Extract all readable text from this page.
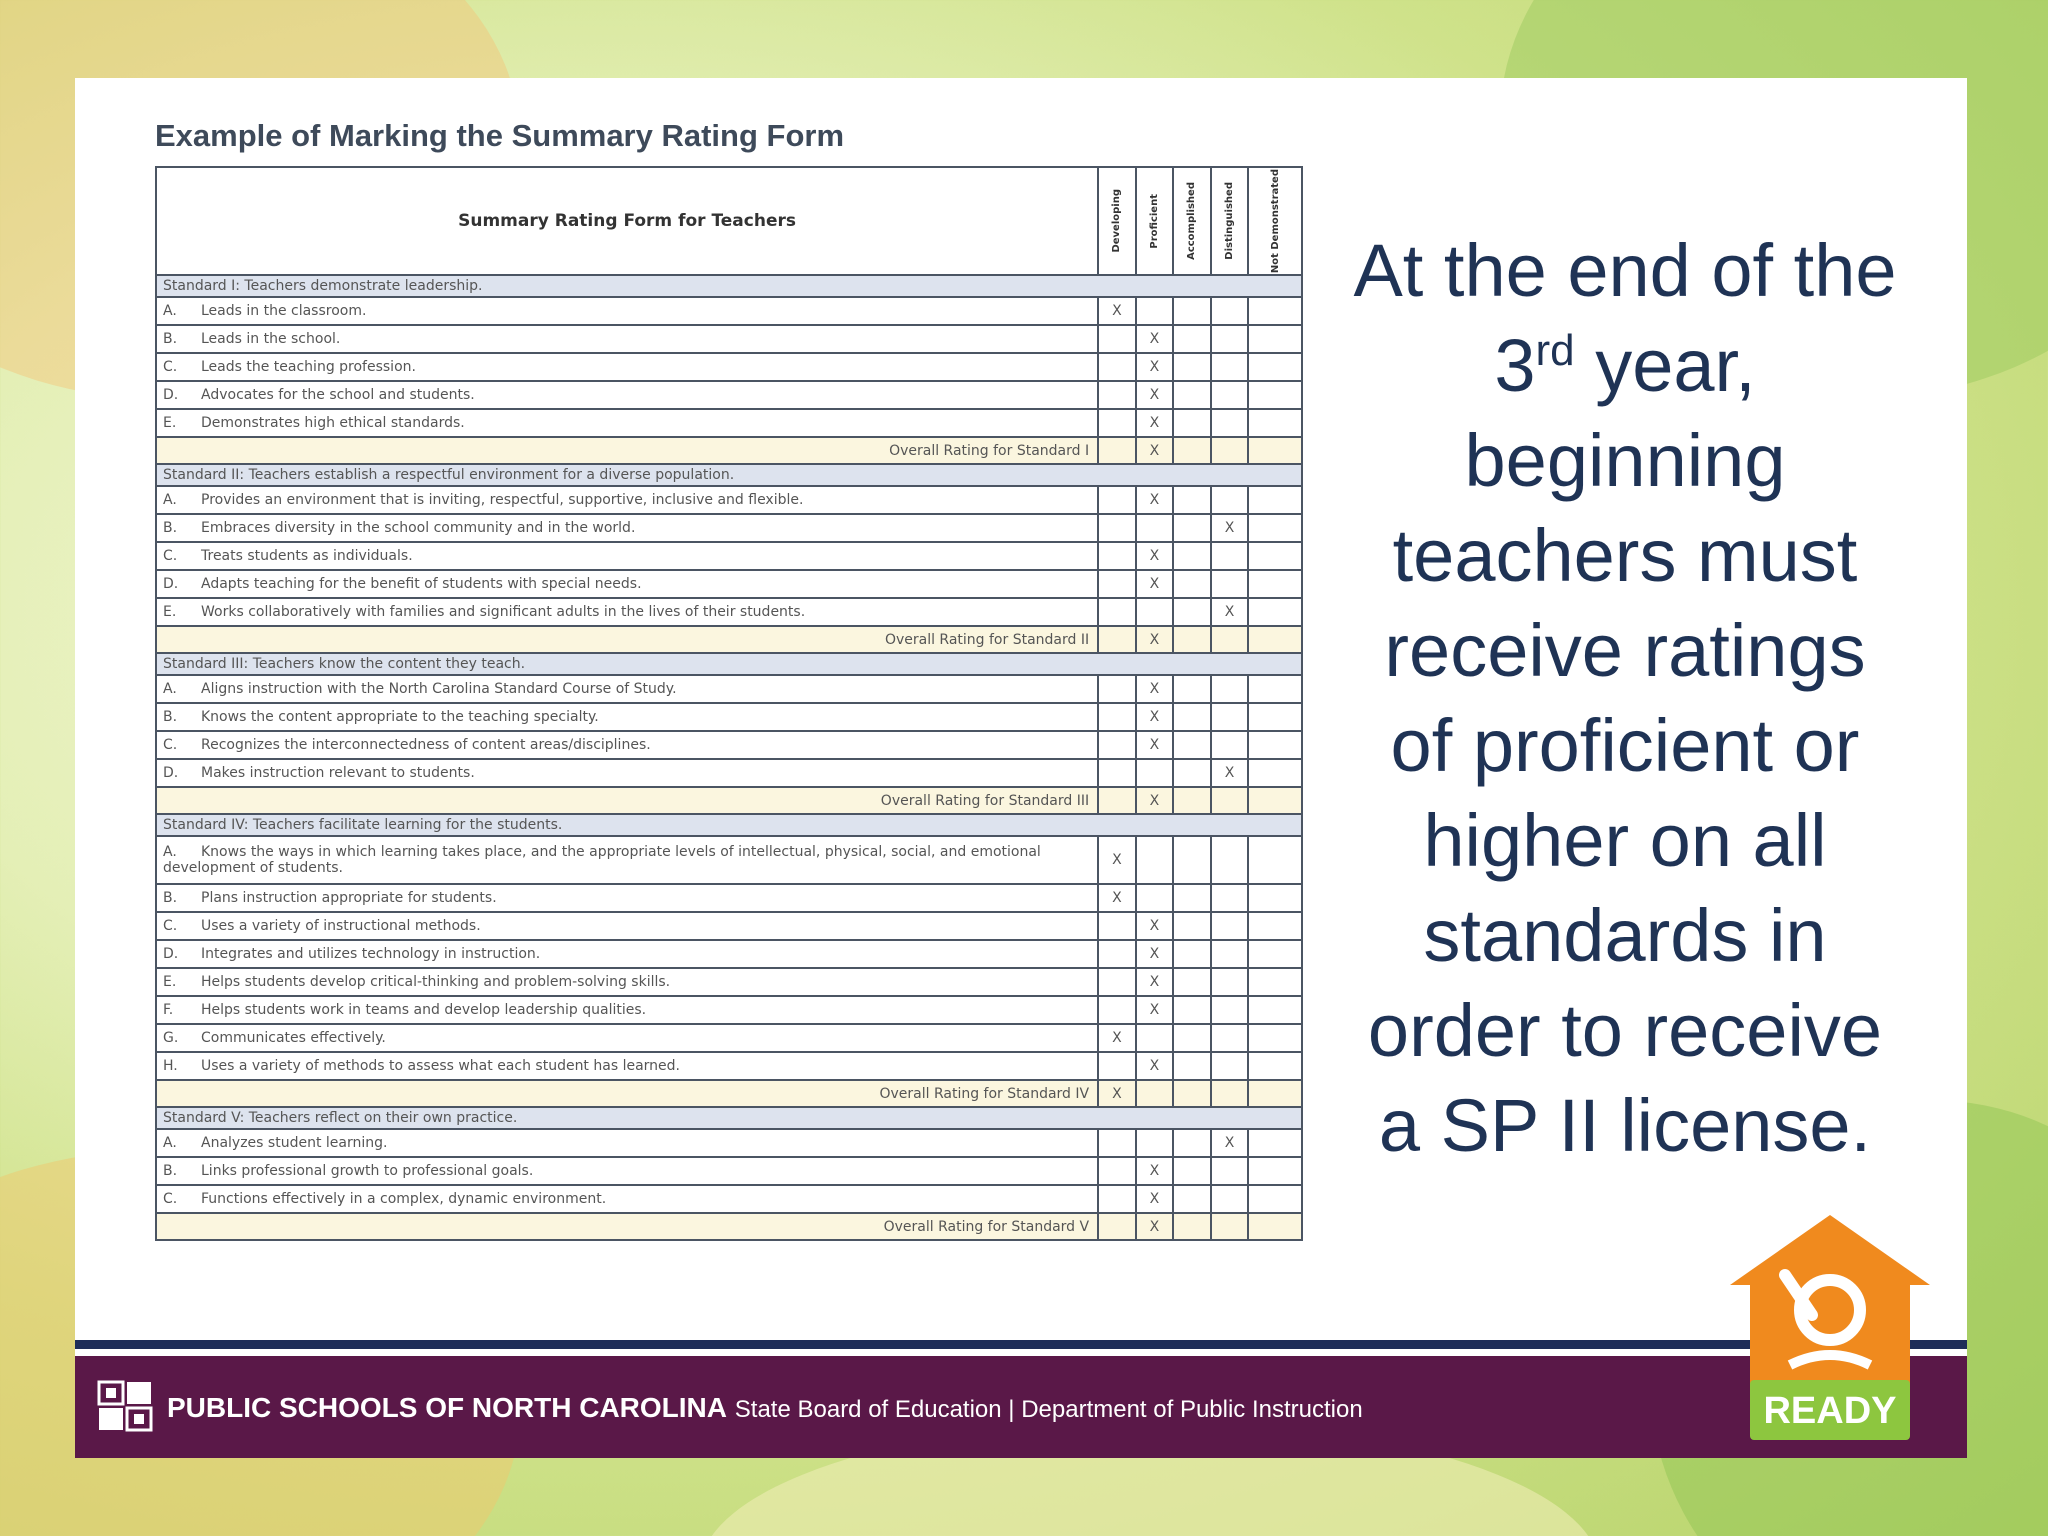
Example of Marking the Summary Rating Form
Summary Rating Form for Teachers	Developing	Proficient	Accomplished	Distinguished	Not Demonstrated

Standard I: Teachers demonstrate leadership.					
A. Leads in the classroom.	X				
B. Leads in the school.		X			
C. Leads the teaching profession.		X			
D. Advocates for the school and students.		X			
E. Demonstrates high ethical standards.		X			
Overall Rating for Standard I		X			
Standard II: Teachers establish a respectful environment for a diverse population.					
A. Provides an environment that is inviting, respectful, supportive, inclusive and flexible.		X			
B. Embraces diversity in the school community and in the world.				X	
C. Treats students as individuals.		X			
D. Adapts teaching for the benefit of students with special needs.		X			
E. Works collaboratively with families and significant adults in the lives of their students.				X	
Overall Rating for Standard II		X			
Standard III: Teachers know the content they teach.					
A. Aligns instruction with the North Carolina Standard Course of Study.		X			
B. Knows the content appropriate to the teaching specialty.		X			
C. Recognizes the interconnectedness of content areas/disciplines.		X			
D. Makes instruction relevant to students.				X	
Overall Rating for Standard III		X			
Standard IV: Teachers facilitate learning for the students.					
A. Knows the ways in which learning takes place, and the appropriate levels of intellectual, physical, social, and emotional development of students.	X				
B. Plans instruction appropriate for students.	X				
C. Uses a variety of instructional methods.		X			
D. Integrates and utilizes technology in instruction.		X			
E. Helps students develop critical-thinking and problem-solving skills.		X			
F. Helps students work in teams and develop leadership qualities.		X			
G. Communicates effectively.	X				
H. Uses a variety of methods to assess what each student has learned.		X			
Overall Rating for Standard IV	X				
Standard V: Teachers reflect on their own practice.					
A. Analyzes student learning.				X	
B. Links professional growth to professional goals.		X			
C. Functions effectively in a complex, dynamic environment.		X			
Overall Rating for Standard V		X			
At the end of the
3rd year,
beginning
teachers must
receive ratings
of proficient or
higher on all
standards in
order to receive
a SP II license.
PUBLIC SCHOOLS OF NORTH CAROLINA State Board of Education | Department of Public Instruction	READY
